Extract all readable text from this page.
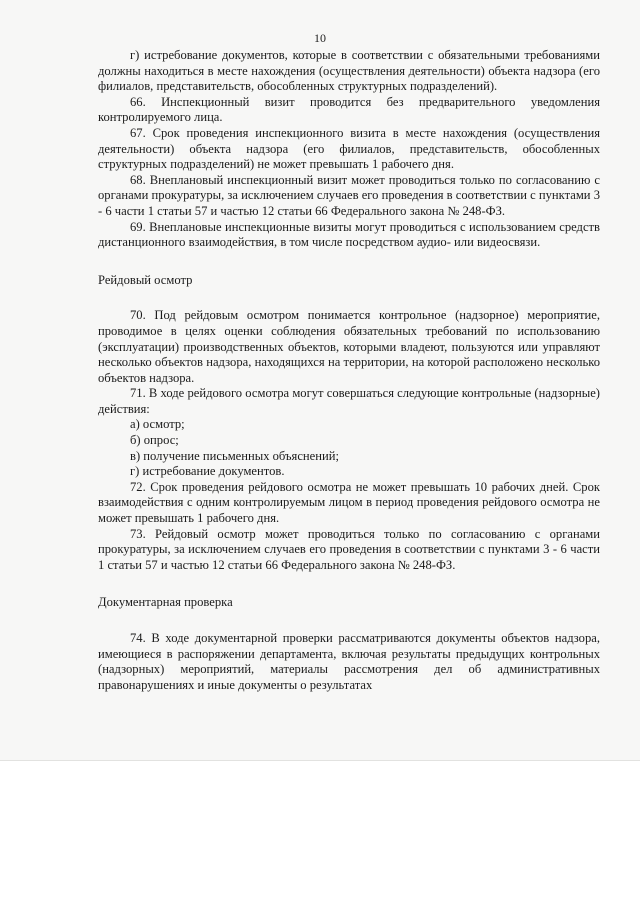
10

г) истребование документов, которые в соответствии с обязательными требованиями должны находиться в месте нахождения (осуществления деятельности) объекта надзора (его филиалов, представительств, обособленных структурных подразделений).

66. Инспекционный визит проводится без предварительного уведомления контролируемого лица.

67. Срок проведения инспекционного визита в месте нахождения (осуществления деятельности) объекта надзора (его филиалов, представительств, обособленных структурных подразделений) не может превышать 1 рабочего дня.

68. Внеплановый инспекционный визит может проводиться только по согласованию с органами прокуратуры, за исключением случаев его проведения в соответствии с пунктами 3 - 6 части 1 статьи 57 и частью 12 статьи 66 Федерального закона № 248-ФЗ.

69. Внеплановые инспекционные визиты могут проводиться с использованием средств дистанционного взаимодействия, в том числе посредством аудио- или видеосвязи.

Рейдовый осмотр

70. Под рейдовым осмотром понимается контрольное (надзорное) мероприятие, проводимое в целях оценки соблюдения обязательных требований по использованию (эксплуатации) производственных объектов, которыми владеют, пользуются или управляют несколько объектов надзора, находящихся на территории, на которой расположено несколько объектов надзора.

71. В ходе рейдового осмотра могут совершаться следующие контрольные (надзорные) действия:

а) осмотр;

б) опрос;

в) получение письменных объяснений;

г) истребование документов.

72. Срок проведения рейдового осмотра не может превышать 10 рабочих дней. Срок взаимодействия с одним контролируемым лицом в период проведения рейдового осмотра не может превышать 1 рабочего дня.

73. Рейдовый осмотр может проводиться только по согласованию с органами прокуратуры, за исключением случаев его проведения в соответствии с пунктами 3 - 6 части 1 статьи 57 и частью 12 статьи 66 Федерального закона № 248-ФЗ.

Документарная проверка

74. В ходе документарной проверки рассматриваются документы объектов надзора, имеющиеся в распоряжении департамента, включая результаты предыдущих контрольных (надзорных) мероприятий, материалы рассмотрения дел об административных правонарушениях и иные документы о результатах
